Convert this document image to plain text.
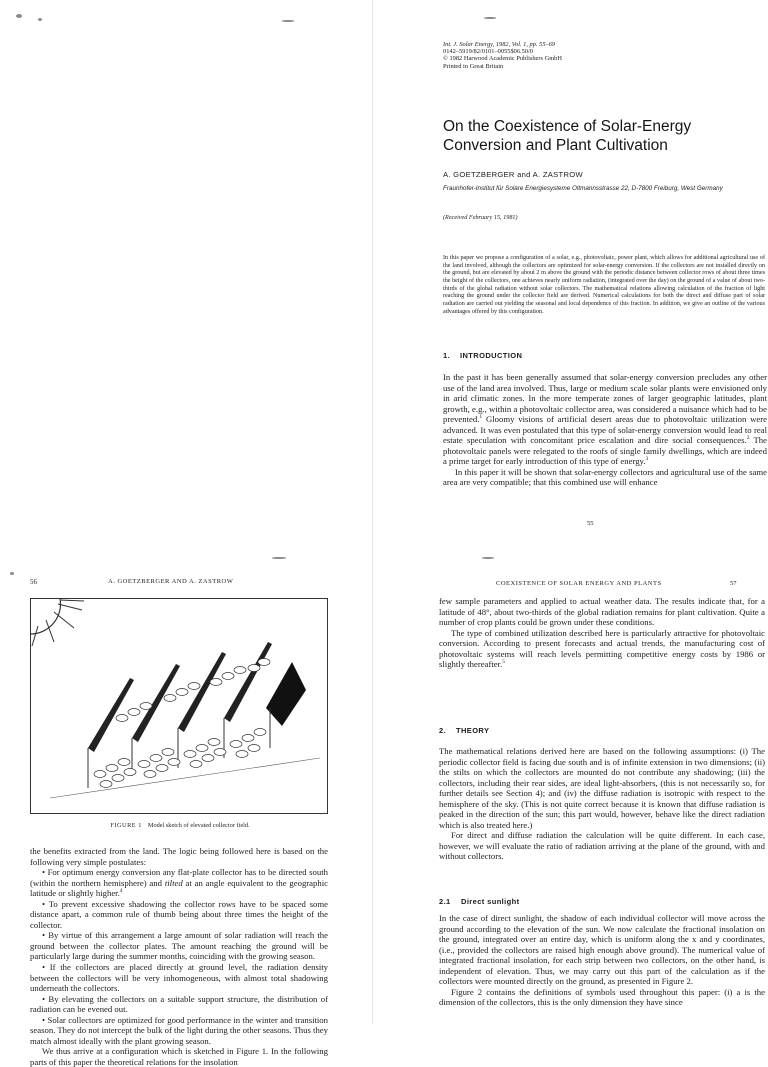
Int. J. Solar Energy, 1982, Vol. 1, pp. 55–69
0142–5919/82/0101–0055$06.50/0
© 1982 Harwood Academic Publishers GmbH
Printed in Great Britain
On the Coexistence of Solar-Energy Conversion and Plant Cultivation
A. GOETZBERGER and A. ZASTROW
Fraunhofer-Institut für Solare Energiesysteme Oltmannsstrasse 22, D-7800 Freiburg, West Germany
(Received February 15, 1981)
In this paper we propose a configuration of a solar, e.g., photovoltaic, power plant, which allows for additional agricultural use of the land involved, although the collectors are optimized for solar-energy conversion. If the collectors are not installed directly on the ground, but are elevated by about 2 m above the ground with the periodic distance between collector rows of about three times the height of the collectors, one achieves nearly uniform radiation, (integrated over the day) on the ground of a value of about two-thirds of the global radiation without solar collectors. The mathematical relations allowing calculation of the fraction of light reaching the ground under the collector field are derived. Numerical calculations for both the direct and diffuse part of solar radiation are carried out yielding the seasonal and local dependence of this fraction. In addition, we give an outline of the various advantages offered by this configuration.
1. INTRODUCTION

In the past it has been generally assumed that solar-energy conversion precludes any other use of the land area involved. Thus, large or medium scale solar plants were envisioned only in arid climatic zones. In the more temperate zones of larger geographic latitudes, plant growth, e.g., within a photovoltaic collector area, was considered a nuisance which had to be prevented.$^1$ Gloomy visions of artificial desert areas due to photovoltaic utilization were advanced. It was even postulated that this type of solar-energy conversion would lead to real estate speculation with concomitant price escalation and dire social consequences.$^2$ The photovoltaic panels were relegated to the roofs of single family dwellings, which are indeed a prime target for early introduction of this type of energy.$^3$

In this paper it will be shown that solar-energy collectors and agricultural use of the same area are very compatible; that this combined use will enhance

55
56	A. GOETZBERGER AND A. ZASTROW
FIGURE 1 Model sketch of elevated collector field.

the benefits extracted from the land. The logic being followed here is based on the following very simple postulates:

• For optimum energy conversion any flat-plate collector has to be directed south (within the northern hemisphere) and tilted at an angle equivalent to the geographic latitude or slightly higher.$^4$

• To prevent excessive shadowing the collector rows have to be spaced some distance apart, a common rule of thumb being about three times the height of the collector.

• By virtue of this arrangement a large amount of solar radiation will reach the ground between the collector plates. The amount reaching the ground will be particularly large during the summer months, coinciding with the growing season.

• If the collectors are placed directly at ground level, the radiation density between the collectors will be very inhomogeneous, with almost total shadowing underneath the collectors.

• By elevating the collectors on a suitable support structure, the distribution of radiation can be evened out.

• Solar collectors are optimized for good performance in the winter and transition season. They do not intercept the bulk of the light during the other seasons. Thus they match almost ideally with the plant growing season.

We thus arrive at a configuration which is sketched in Figure 1. In the following parts of this paper the theoretical relations for the insolation

COEXISTENCE OF SOLAR ENERGY AND PLANTS	57

few sample parameters and applied to actual weather data. The results indicate that, for a latitude of 48°, about two-thirds of the global radiation remains for plant cultivation. Quite a number of crop plants could be grown under these conditions.

The type of combined utilization described here is particularly attractive for photovoltaic conversion. According to present forecasts and actual trends, the manufacturing cost of photovoltaic systems will reach levels permitting competitive energy costs by 1986 or slightly thereafter.$^5$

2. THEORY

The mathematical relations derived here are based on the following assumptions: (i) The periodic collector field is facing due south and is of infinite extension in two dimensions; (ii) the stilts on which the collectors are mounted do not contribute any shadowing; (iii) the collectors, including their rear sides, are ideal light-absorbers, (this is not necessarily so, for further details see Section 4); and (iv) the diffuse radiation is isotropic with respect to the hemisphere of the sky. (This is not quite correct because it is known that diffuse radiation is peaked in the direction of the sun; this part would, however, behave like the direct radiation which is also treated here.)

For direct and diffuse radiation the calculation will be quite different. In each case, however, we will evaluate the ratio of radiation arriving at the plane of the ground, with and without collectors.

2.1 Direct sunlight

In the case of direct sunlight, the shadow of each individual collector will move across the ground according to the elevation of the sun. We now calculate the fractional insolation on the ground, integrated over an entire day, which is uniform along the x and y coordinates, (i.e., provided the collectors are raised high enough above ground). The numerical value of integrated fractional insolation, for each strip between two collectors, on the other hand, is independent of elevation. Thus, we may carry out this part of the calculation as if the collectors were mounted directly on the ground, as presented in Figure 2.

Figure 2 contains the definitions of symbols used throughout this paper: (i) a is the dimension of the collectors, this is the only dimension they have since
